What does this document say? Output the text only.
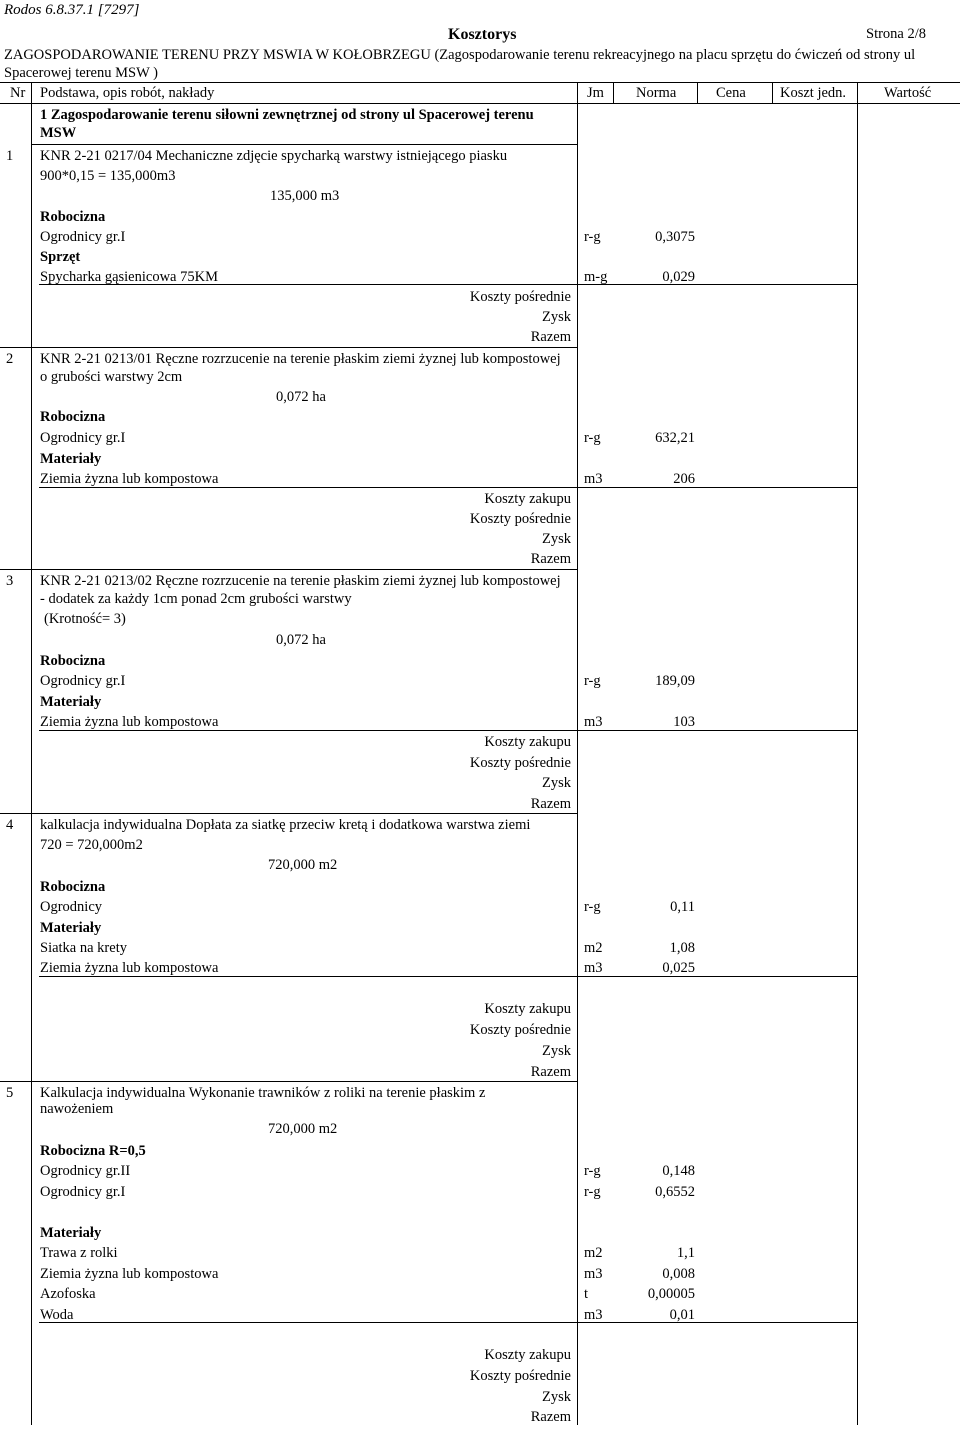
Rodos 6.8.37.1 [7297]
Kosztorys	Strona 2/8
ZAGOSPODAROWANIE TERENU PRZY MSWIA W KOŁOBRZEGU (Zagospodarowanie terenu rekreacyjnego na placu sprzętu do ćwiczeń od strony ul
Spacerowej terenu MSW )
Nr Podstawa, opis robót, nakłady	Jm Norma	Cena Koszt jedn.	Wartość
1 Zagospodarowanie terenu siłowni zewnętrznej od strony ul Spacerowej terenu
MSW
1 KNR 2-21 0217/04 Mechaniczne zdjęcie spycharką warstwy istniejącego piasku
900*0,15 = 135,000m3
135,000 m3
Robocizna
Ogrodnicy gr.I	r-g	0,3075
Sprzęt
Spycharka gąsienicowa 75KM	m-g	0,029
Koszty pośrednie
Zysk
Razem
2 KNR 2-21 0213/01 Ręczne rozrzucenie na terenie płaskim ziemi żyznej lub kompostowej
o grubości warstwy 2cm
0,072 ha
Robocizna
Ogrodnicy gr.I	r-g	632,21
Materiały
Ziemia żyzna lub kompostowa	m3	206
Koszty zakupu
Koszty pośrednie
Zysk
Razem
3 KNR 2-21 0213/02 Ręczne rozrzucenie na terenie płaskim ziemi żyznej lub kompostowej
- dodatek za każdy 1cm ponad 2cm grubości warstwy
(Krotność= 3)
0,072 ha
Robocizna
Ogrodnicy gr.I	r-g	189,09
Materiały
Ziemia żyzna lub kompostowa	m3	103
Koszty zakupu
Koszty pośrednie
Zysk
Razem
4 kalkulacja indywidualna Dopłata za siatkę przeciw kretą i dodatkowa warstwa ziemi
720 = 720,000m2
720,000 m2
Robocizna
Ogrodnicy	r-g	0,11
Materiały
Siatka na krety	m2	1,08
Ziemia żyzna lub kompostowa	m3	0,025
Koszty zakupu
Koszty pośrednie
Zysk
Razem
5 Kalkulacja indywidualna Wykonanie trawników z roliki na terenie płaskim z
nawożeniem
720,000 m2
Robocizna R=0,5
Ogrodnicy gr.II	r-g	0,148
Ogrodnicy gr.I	r-g	0,6552
Materiały
Trawa z rolki	m2	1,1
Ziemia żyzna lub kompostowa	m3	0,008
Azofoska	t	0,00005
Woda	m3	0,01
Koszty zakupu
Koszty pośrednie
Zysk
Razem
